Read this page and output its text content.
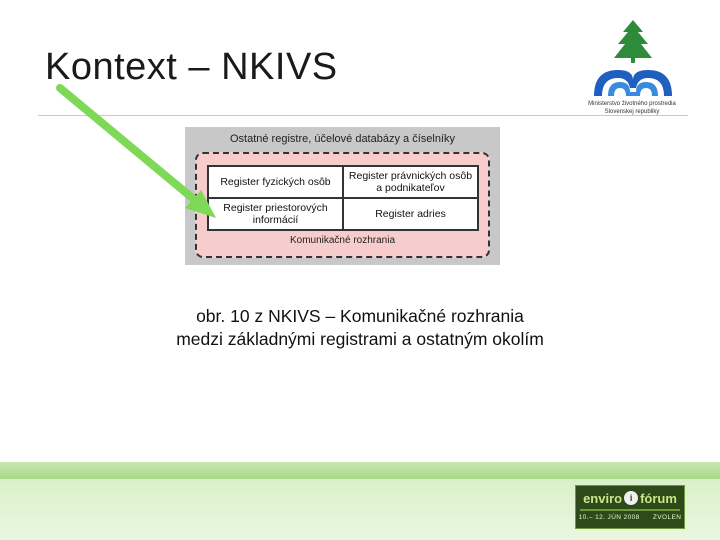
Kontext – NKIVS
Ministerstvo životného prostredia
Slovenskej republiky
Ostatné registre, účelové databázy a číselníky
Register fyzických osôb	Register právnických osôb a podnikateľov
Register priestorových informácií	Register adries
Komunikačné rozhrania
obr. 10 z NKIVS – Komunikačné rozhrania
medzi základnými registrami a ostatným okolím
enviro i fórum
10.– 12. JÚN 2008 ZVOLEN
